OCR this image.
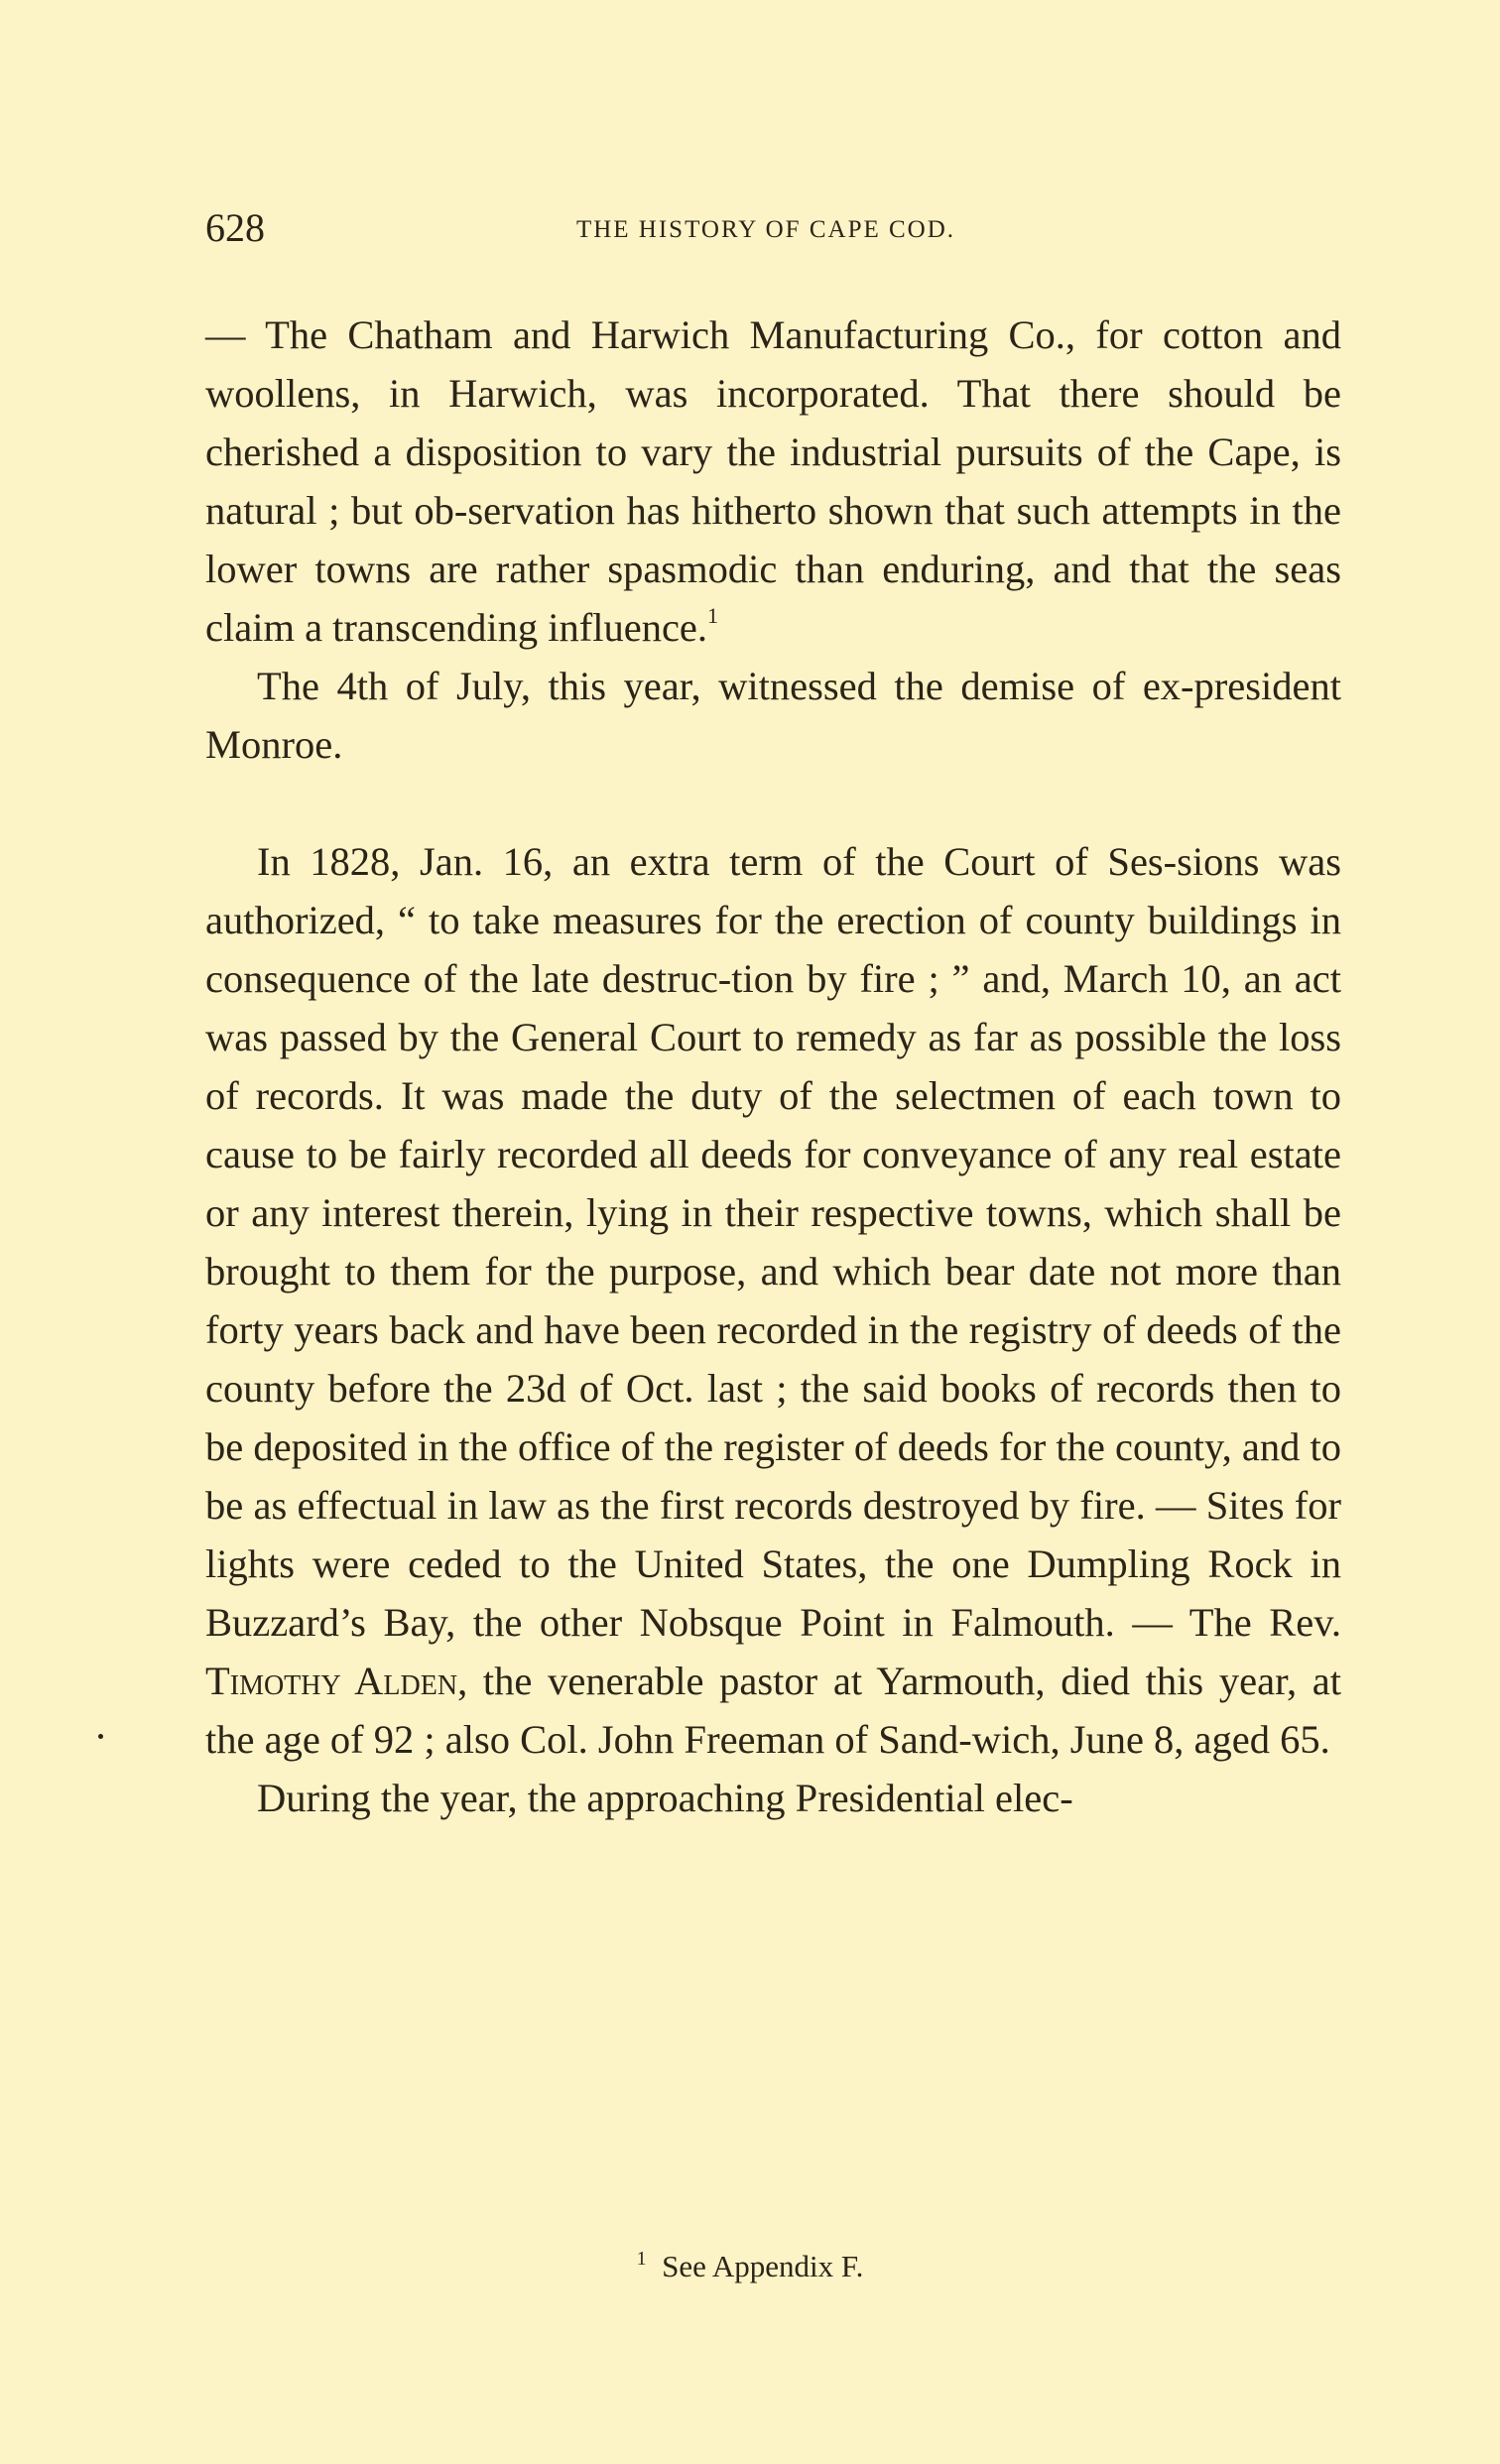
628	THE HISTORY OF CAPE COD.

— The Chatham and Harwich Manufacturing Co., for cotton and woollens, in Harwich, was incorporated. That there should be cherished a disposition to vary the industrial pursuits of the Cape, is natural ; but ob-servation has hitherto shown that such attempts in the lower towns are rather spasmodic than enduring, and that the seas claim a transcending influence.$^1$

The 4th of July, this year, witnessed the demise of ex-president Monroe.

In 1828, Jan. 16, an extra term of the Court of Ses-sions was authorized, “ to take measures for the erection of county buildings in consequence of the late destruc-tion by fire ; ” and, March 10, an act was passed by the General Court to remedy as far as possible the loss of records. It was made the duty of the selectmen of each town to cause to be fairly recorded all deeds for conveyance of any real estate or any interest therein, lying in their respective towns, which shall be brought to them for the purpose, and which bear date not more than forty years back and have been recorded in the registry of deeds of the county before the 23d of Oct. last ; the said books of records then to be deposited in the office of the register of deeds for the county, and to be as effectual in law as the first records destroyed by fire. — Sites for lights were ceded to the United States, the one Dumpling Rock in Buzzard’s Bay, the other Nobsque Point in Falmouth. — The Rev. Timothy Alden, the venerable pastor at Yarmouth, died this year, at the age of 92 ; also Col. John Freeman of Sand-wich, June 8, aged 65.

During the year, the approaching Presidential elec-

$^1$ See Appendix F.
